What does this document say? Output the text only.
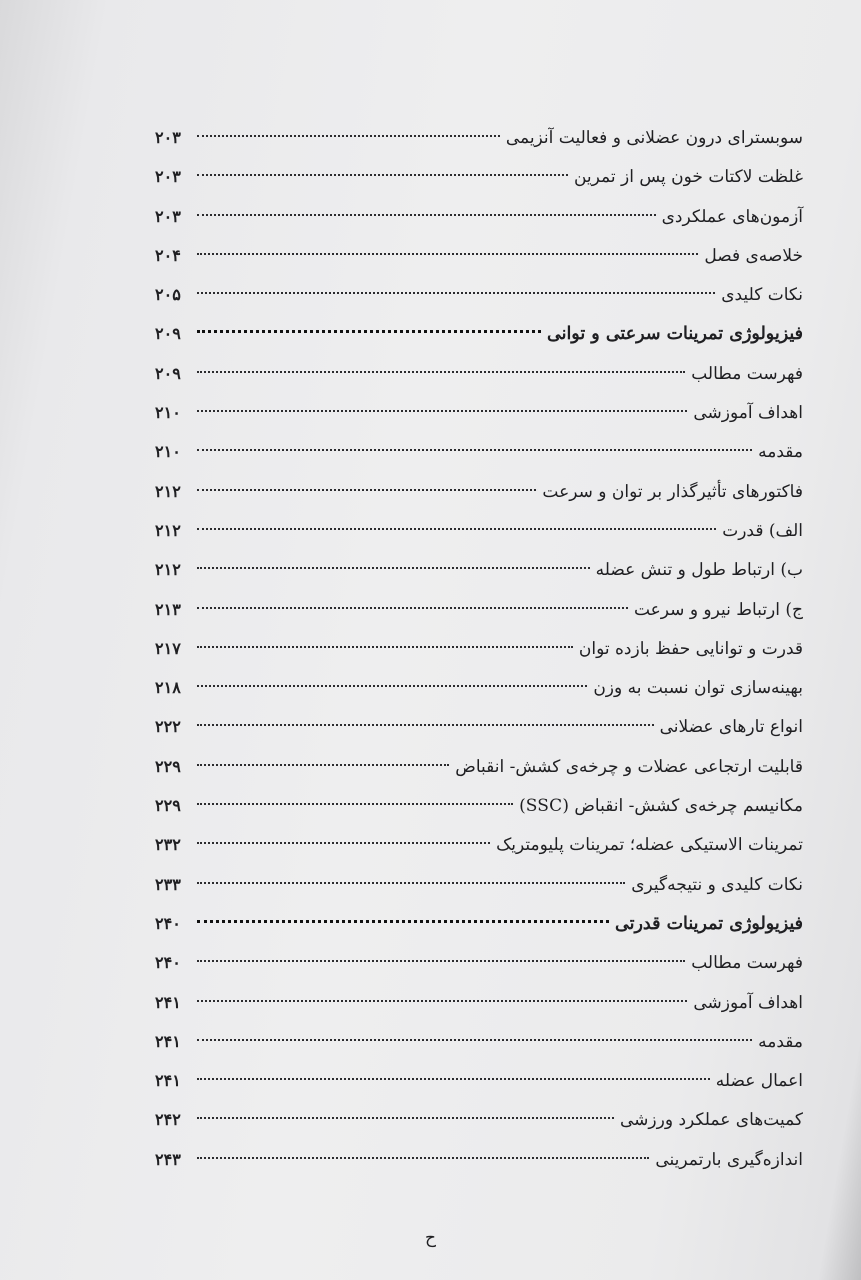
سوبسترای درون عضلانی و فعالیت آنزیمی
۲۰۳
غلظت لاکتات خون پس از تمرین
۲۰۳
آزمون‌های عملکردی
۲۰۳
خلاصه‌ی فصل
۲۰۴
نکات کلیدی
۲۰۵
فیزیولوژی تمرینات سرعتی و توانی
۲۰۹
فهرست مطالب
۲۰۹
اهداف آموزشی
۲۱۰
مقدمه
۲۱۰
فاکتورهای تأثیرگذار بر توان و سرعت
۲۱۲
الف) قدرت
۲۱۲
ب) ارتباط طول و تنش عضله
۲۱۲
ج) ارتباط نیرو و سرعت
۲۱۳
قدرت و توانایی حفظ بازده توان
۲۱۷
بهینه‌سازی توان نسبت به وزن
۲۱۸
انواع تارهای عضلانی
۲۲۲
قابلیت ارتجاعی عضلات و چرخه‌ی کشش- انقباض
۲۲۹
مکانیسم چرخه‌ی کشش- انقباض (SSC)
۲۲۹
تمرینات الاستیکی عضله؛ تمرینات پلیومتریک
۲۳۲
نکات کلیدی و نتیجه‌گیری
۲۳۳
فیزیولوژی تمرینات قدرتی
۲۴۰
فهرست مطالب
۲۴۰
اهداف آموزشی
۲۴۱
مقدمه
۲۴۱
اعمال عضله
۲۴۱
کمیت‌های عملکرد ورزشی
۲۴۲
اندازه‌گیری بارتمرینی
۲۴۳
ح
